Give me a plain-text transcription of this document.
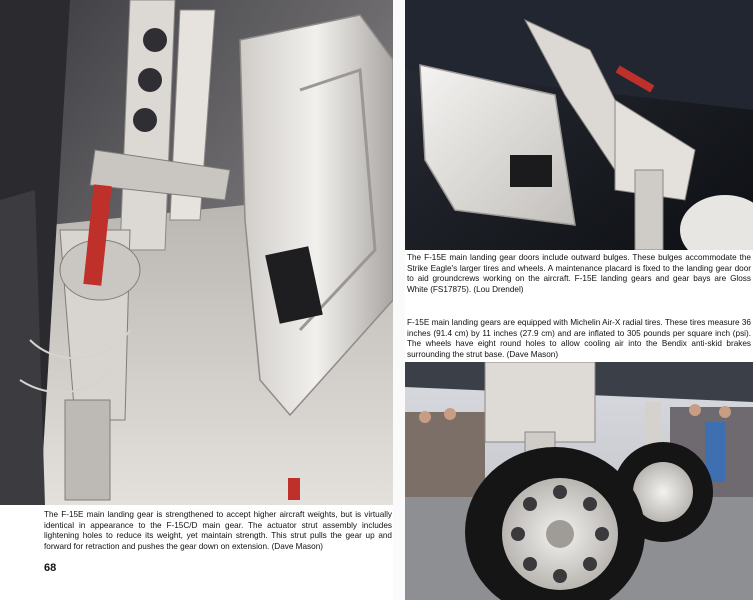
The F-15E main landing gear doors include outward bulges. These bulges accommodate the Strike Eagle's larger tires and wheels. A maintenance placard is fixed to the landing gear door to aid groundcrews working on the aircraft. F-15E landing gears and gear bays are Gloss White (FS17875). (Lou Drendel)

F-15E main landing gears are equipped with Michelin Air-X radial tires. These tires measure 36 inches (91.4 cm) by 11 inches (27.9 cm) and are inflated to 305 pounds per square inch (psi). The wheels have eight round holes to allow cooling air into the Bendix anti-skid brakes surrounding the strut base. (Dave Mason)

The F-15E main landing gear is strengthened to accept higher aircraft weights, but is virtually identical in appearance to the F-15C/D main gear. The actuator strut assembly includes lightening holes to reduce its weight, yet maintain strength. This strut pulls the gear up and forward for retraction and pushes the gear down on extension. (Dave Mason)

68
